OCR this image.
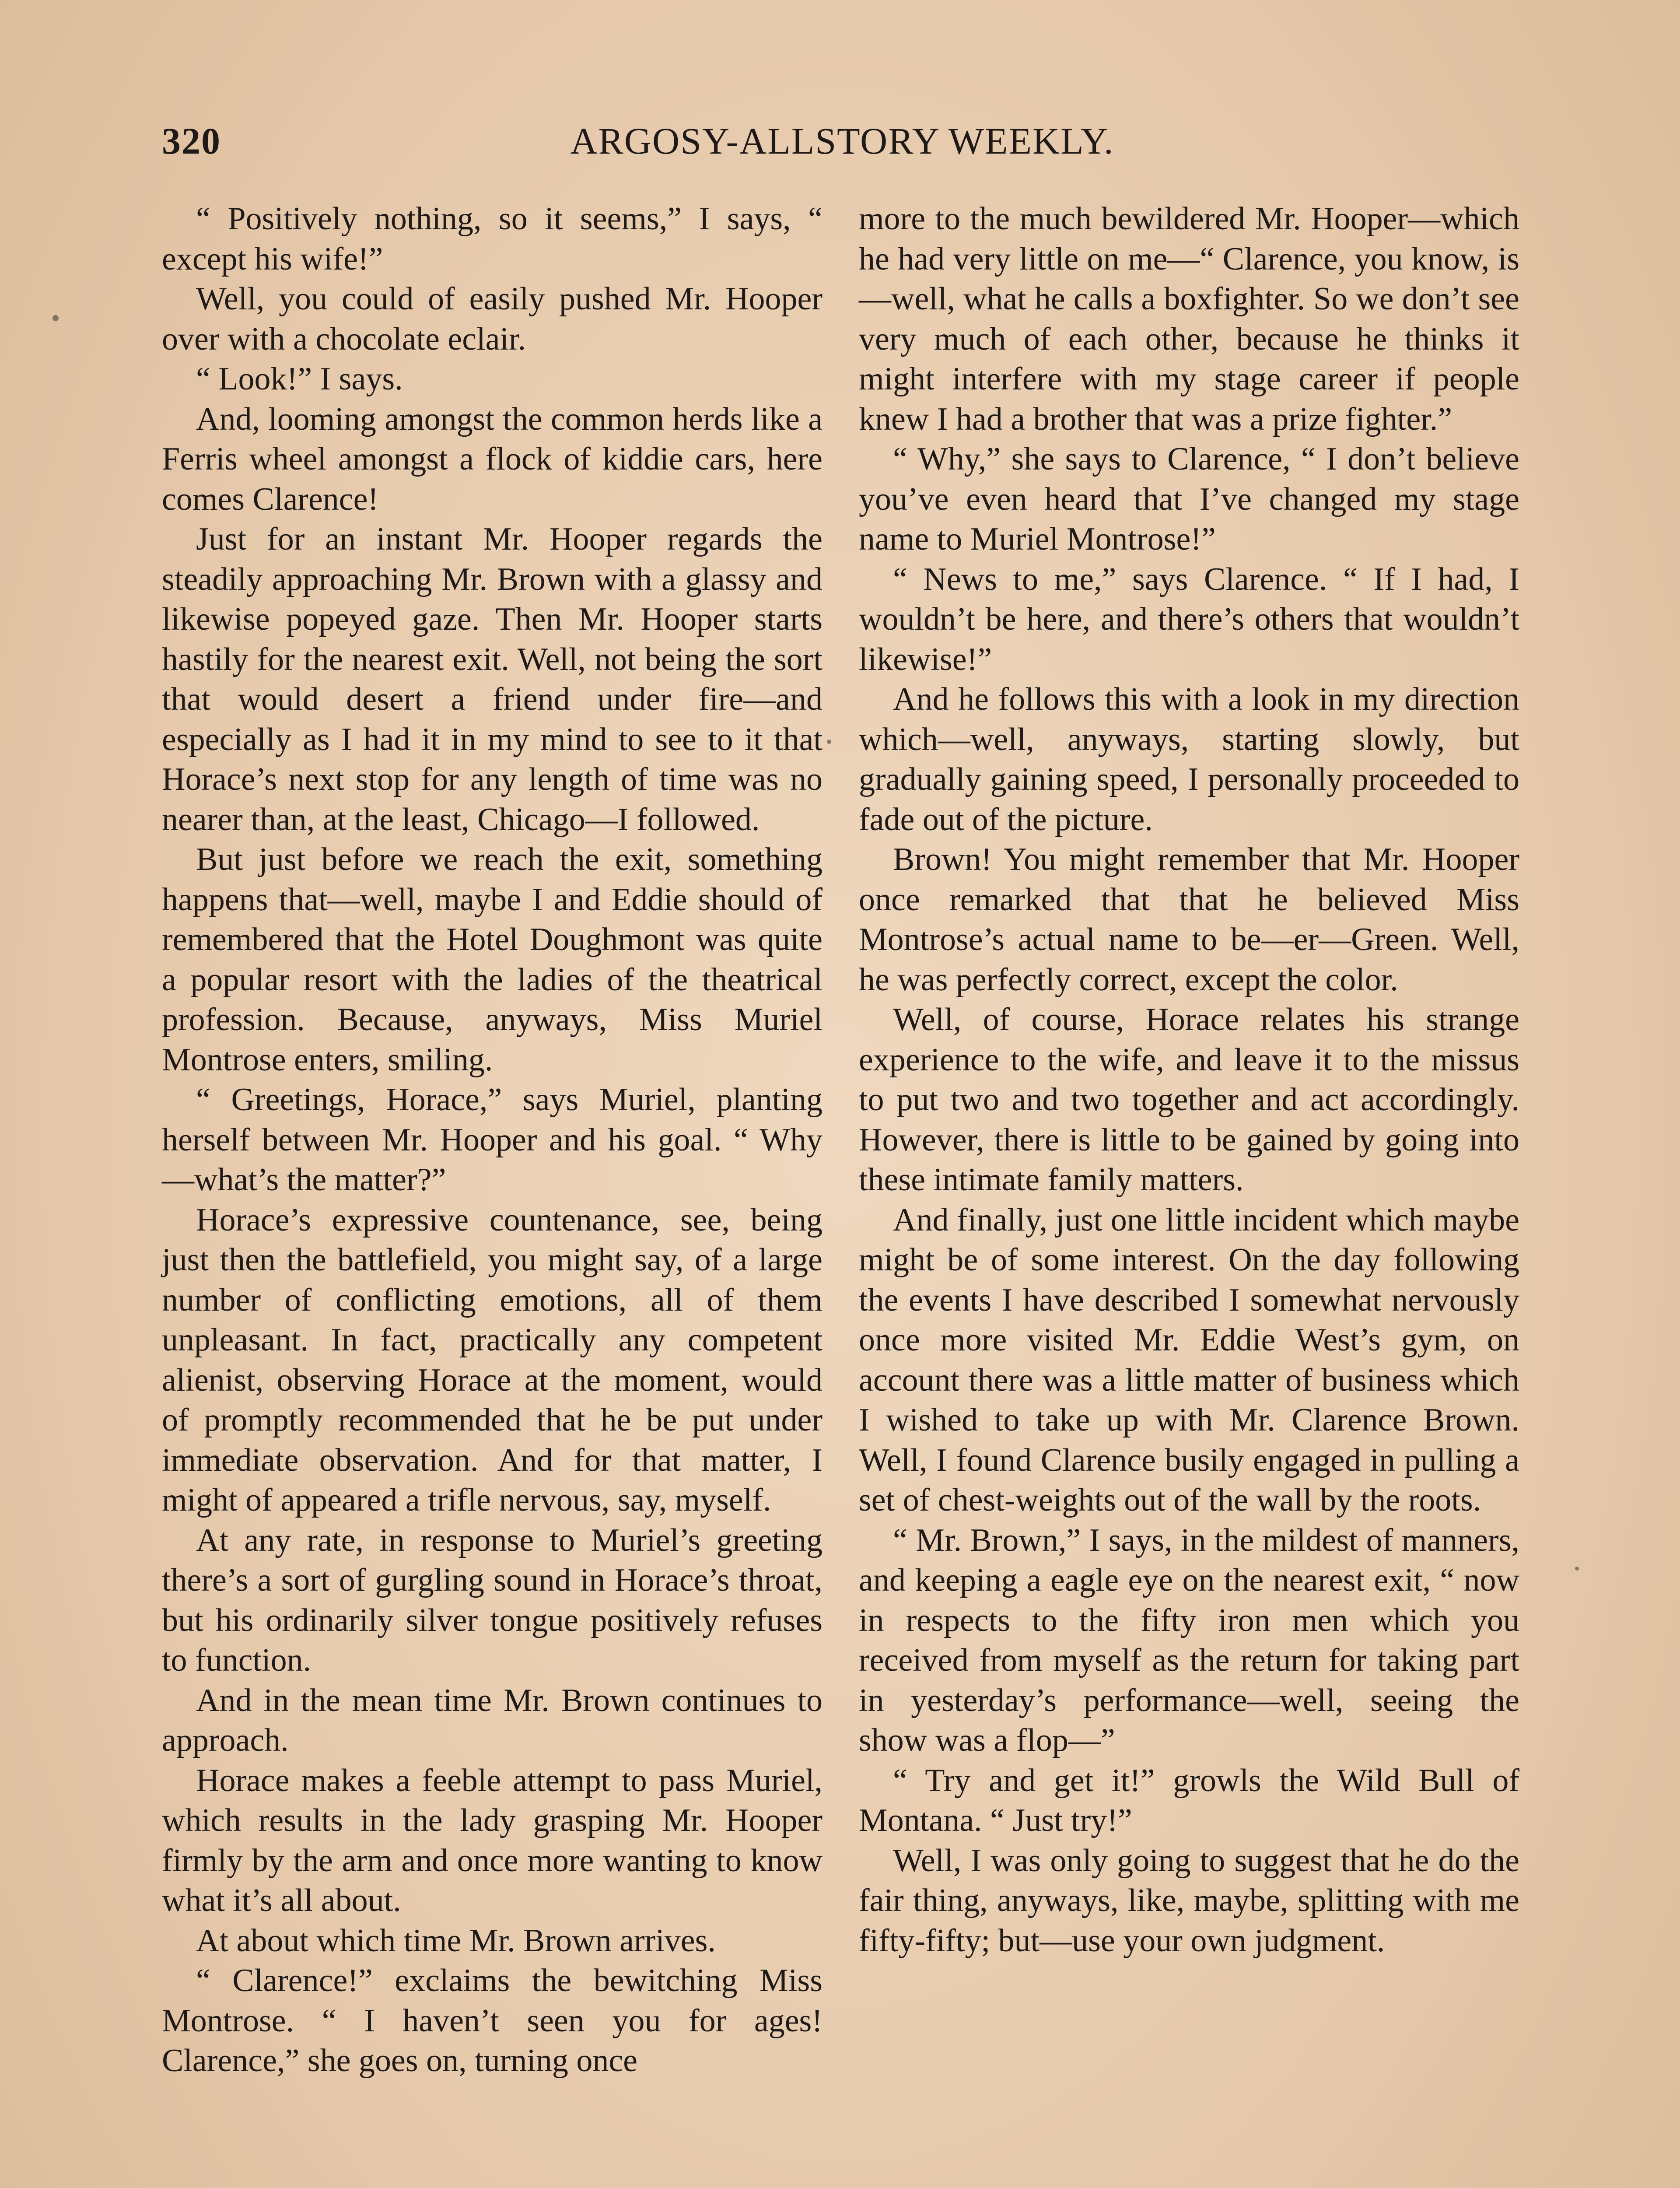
320	ARGOSY-ALLSTORY WEEKLY.

“ Positively nothing, so it seems,” I says, “ except his wife!”

Well, you could of easily pushed Mr. Hooper over with a chocolate eclair.

“ Look!” I says.

And, looming amongst the common herds like a Ferris wheel amongst a flock of kiddie cars, here comes Clarence!

Just for an instant Mr. Hooper regards the steadily approaching Mr. Brown with a glassy and likewise popeyed gaze. Then Mr. Hooper starts hastily for the nearest exit. Well, not being the sort that would desert a friend under fire—and especially as I had it in my mind to see to it that Horace’s next stop for any length of time was no nearer than, at the least, Chicago—I followed.

But just before we reach the exit, something happens that—well, maybe I and Eddie should of remembered that the Hotel Doughmont was quite a popular resort with the ladies of the theatrical profession. Because, anyways, Miss Muriel Montrose enters, smiling.

“ Greetings, Horace,” says Muriel, planting herself between Mr. Hooper and his goal. “ Why—what’s the matter?”

Horace’s expressive countenance, see, being just then the battlefield, you might say, of a large number of conflicting emotions, all of them unpleasant. In fact, practically any competent alienist, observing Horace at the moment, would of promptly recommended that he be put under immediate observation. And for that matter, I might of appeared a trifle nervous, say, myself.

At any rate, in response to Muriel’s greeting there’s a sort of gurgling sound in Horace’s throat, but his ordinarily silver tongue positively refuses to function.

And in the mean time Mr. Brown continues to approach.

Horace makes a feeble attempt to pass Muriel, which results in the lady grasping Mr. Hooper firmly by the arm and once more wanting to know what it’s all about.

At about which time Mr. Brown arrives.

“ Clarence!” exclaims the bewitching Miss Montrose. “ I haven’t seen you for ages! Clarence,” she goes on, turning once

more to the much bewildered Mr. Hooper—which he had very little on me—“ Clarence, you know, is—well, what he calls a boxfighter. So we don’t see very much of each other, because he thinks it might interfere with my stage career if people knew I had a brother that was a prize fighter.”

“ Why,” she says to Clarence, “ I don’t believe you’ve even heard that I’ve changed my stage name to Muriel Montrose!”

“ News to me,” says Clarence. “ If I had, I wouldn’t be here, and there’s others that wouldn’t likewise!”

And he follows this with a look in my direction which—well, anyways, starting slowly, but gradually gaining speed, I personally proceeded to fade out of the picture.

Brown! You might remember that Mr. Hooper once remarked that that he believed Miss Montrose’s actual name to be—er—Green. Well, he was perfectly correct, except the color.

Well, of course, Horace relates his strange experience to the wife, and leave it to the missus to put two and two together and act accordingly. However, there is little to be gained by going into these intimate family matters.

And finally, just one little incident which maybe might be of some interest. On the day following the events I have described I somewhat nervously once more visited Mr. Eddie West’s gym, on account there was a little matter of business which I wished to take up with Mr. Clarence Brown. Well, I found Clarence busily engaged in pulling a set of chest-weights out of the wall by the roots.

“ Mr. Brown,” I says, in the mildest of manners, and keeping a eagle eye on the nearest exit, “ now in respects to the fifty iron men which you received from myself as the return for taking part in yesterday’s performance—well, seeing the show was a flop—”

“ Try and get it!” growls the Wild Bull of Montana. “ Just try!”

Well, I was only going to suggest that he do the fair thing, anyways, like, maybe, splitting with me fifty-fifty; but—use your own judgment.
